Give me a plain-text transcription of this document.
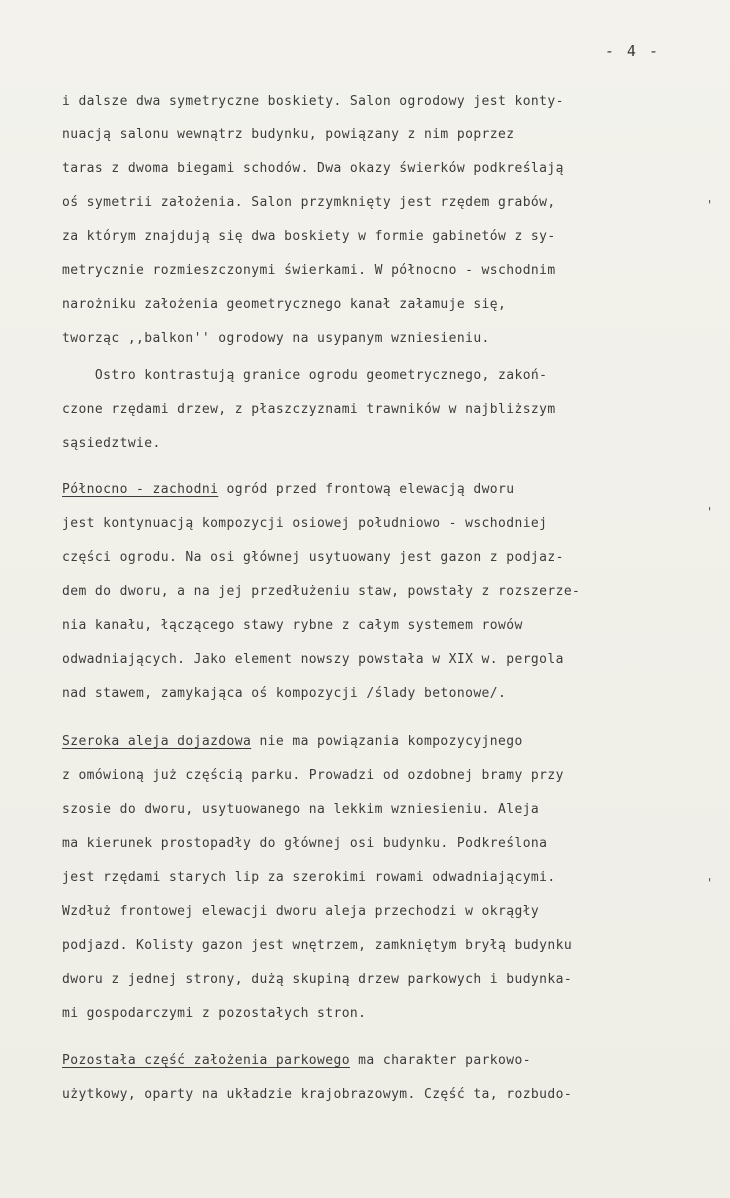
- 4 -
i dalsze dwa symetryczne boskiety. Salon ogrodowy jest konty-
nuacją salonu wewnątrz budynku, powiązany z nim poprzez
taras z dwoma biegami schodów. Dwa okazy świerków podkreślają
oś symetrii założenia. Salon przymknięty jest rzędem grabów,
za którym znajdują się dwa boskiety w formie gabinetów z sy-
metrycznie rozmieszczonymi świerkami. W północno - wschodnim
narożniku założenia geometrycznego kanał załamuje się,
tworząc ,,balkon'' ogrodowy na usypanym wzniesieniu.
Ostro kontrastują granice ogrodu geometrycznego, zakoń-
czone rzędami drzew, z płaszczyznami trawników w najbliższym
sąsiedztwie.
Północno - zachodni ogród przed frontową elewacją dworu
jest kontynuacją kompozycji osiowej południowo - wschodniej
części ogrodu. Na osi głównej usytuowany jest gazon z podjaz-
dem do dworu, a na jej przedłużeniu staw, powstały z rozszerze-
nia kanału, łączącego stawy rybne z całym systemem rowów
odwadniających. Jako element nowszy powstała w XIX w. pergola
nad stawem, zamykająca oś kompozycji /ślady betonowe/.
Szeroka aleja dojazdowa nie ma powiązania kompozycyjnego
z omówioną już częścią parku. Prowadzi od ozdobnej bramy przy
szosie do dworu, usytuowanego na lekkim wzniesieniu. Aleja
ma kierunek prostopadły do głównej osi budynku. Podkreślona
jest rzędami starych lip za szerokimi rowami odwadniającymi.
Wzdłuż frontowej elewacji dworu aleja przechodzi w okrągły
podjazd. Kolisty gazon jest wnętrzem, zamkniętym bryłą budynku
dworu z jednej strony, dużą skupiną drzew parkowych i budynka-
mi gospodarczymi z pozostałych stron.
Pozostała część założenia parkowego ma charakter parkowo-
użytkowy, oparty na układzie krajobrazowym. Część ta, rozbudo-
'
'
'
